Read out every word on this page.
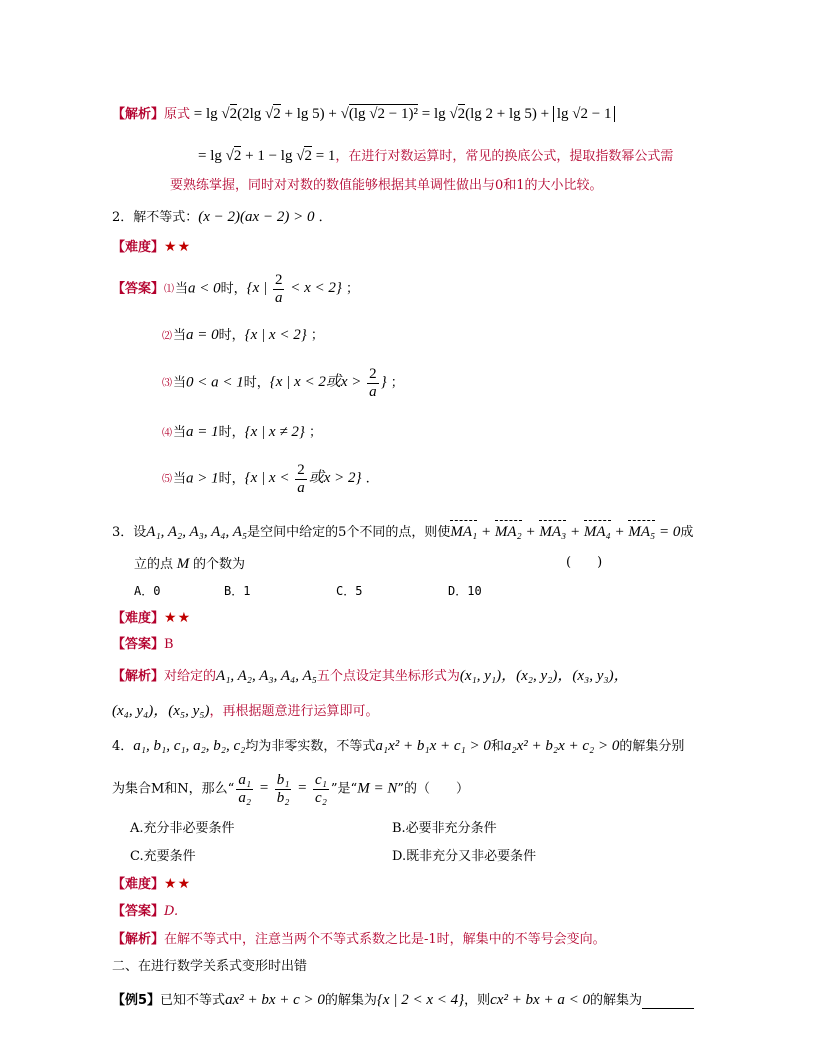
【解析】原式 = lg √2(2lg √2 + lg 5) + √(lg √2 − 1)² = lg √2(lg 2 + lg 5) + lg √2 − 1
= lg √2 + 1 − lg √2 = 1，在进行对数运算时，常见的换底公式，提取指数幂公式需
要熟练掌握，同时对对数的数值能够根据其单调性做出与0和1的大小比较。
2．解不等式：(x − 2)(ax − 2) > 0 ．
【难度】★★
【答案】⑴当a < 0时，{x | $\frac{2}{a} < x < 2$} ；
⑵当a = 0时，{x | x < 2} ；
⑶当0 < a < 1时，{x | x < 2或$x > \frac{2}{a}$ } ；
⑷当a = 1时，{x | x ≠ 2} ；
⑸当a > 1时，{x | $x < \frac{2}{a}$ 或x > 2} .
3．设A₁, A₂, A₃, A₄, A₅是空间中给定的5个不同的点，则使MA₁ + MA₂ + MA₃ + MA₄ + MA₅ = 0成
立的点 M 的个数为	(　　)
A．0	B．1	C．5	D．10
【难度】★★
【答案】B
【解析】对给定的A₁, A₂, A₃, A₄, A₅五个点设定其坐标形式为(x₁, y₁)，(x₂, y₂)，(x₃, y₃)，
(x₄, y₄)，(x₅, y₅)，再根据题意进行运算即可。
4．a₁, b₁, c₁, a₂, b₂, c₂均为非零实数，不等式a₁x² + b₁x + c₁ > 0和a₂x² + b₂x + c₂ > 0的解集分别
为集合M和N，那么“ $\frac{\text{a₁}}{\text{a₂}} = \frac{\text{b₁}}{\text{b₂}} = \frac{\text{c₁}}{\text{c₂}}$ ”是“M = N”的（　　）
A.充分非必要条件	B.必要非充分条件
C.充要条件	D.既非充分又非必要条件
【难度】★★
【答案】D.
【解析】在解不等式中，注意当两个不等式系数之比是-1时，解集中的不等号会变向。
二、在进行数学关系式变形时出错
【例5】已知不等式ax² + bx + c > 0的解集为{x | 2 < x < 4}，则cx² + bx + a < 0的解集为
